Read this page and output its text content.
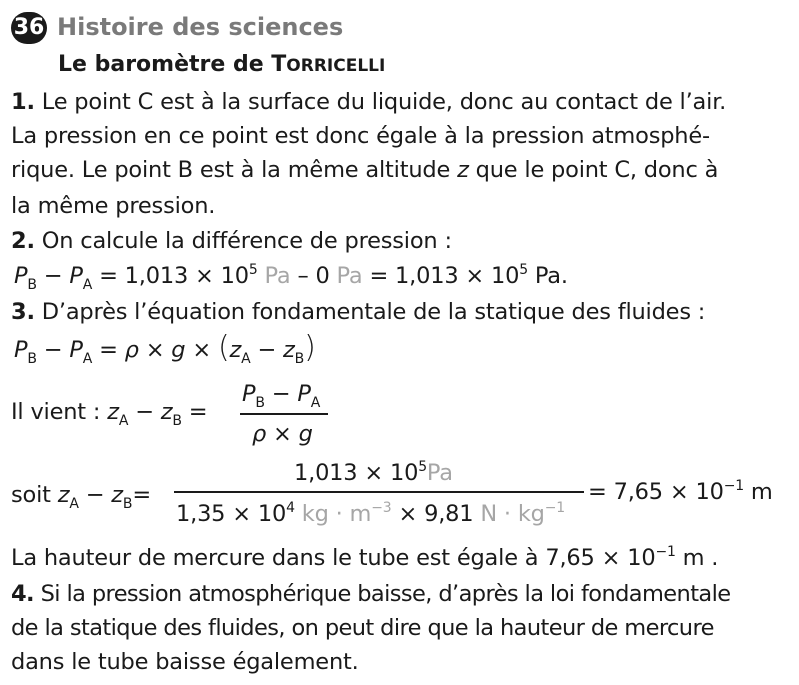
36 Histoire des sciences
Le baromètre de TORRICELLI
1. Le point C est à la surface du liquide, donc au contact de l’air.
La pression en ce point est donc égale à la pression atmosphé-
rique. Le point B est à la même altitude z que le point C, donc à
la même pression.
2. On calcule la différence de pression :
$P_B - P_A = 1,013 \times 10^5$ Pa – 0 $Pa = 1,013 \times 10^5$ Pa.
3. D’après l’équation fondamentale de la statique des fluides :
$P_B - P_A = \rho \times g \times (z_A - z_B)$
Il vient : $z_A - z_B$ =
$P_B - P_A$
ρ × g
soit $z_A - z_B=$
$1,013 \times 10^5Pa$
$1,35 \times 10^4$ kg · $m^{-3} \times 9,81$ $N \cdot kg^{-1}$
= $7,65 \times 10^{-1}$ m
La hauteur de mercure dans le tube est égale à $7,65 \times 10^{-1}$ m .
4. Si la pression atmosphérique baisse, d’après la loi fondamentale
de la statique des fluides, on peut dire que la hauteur de mercure
dans le tube baisse également.
